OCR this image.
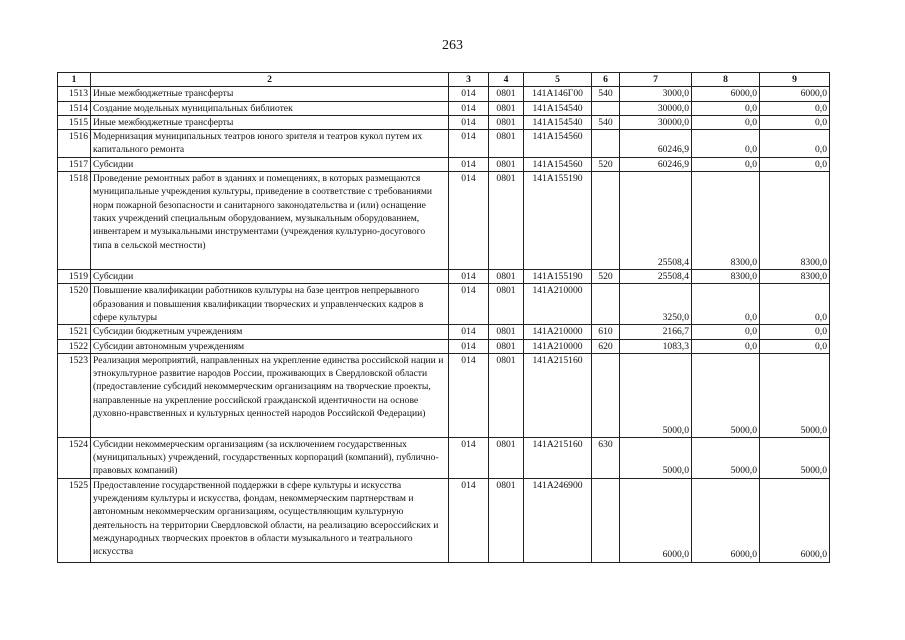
263
1	2	3	4	5	6	7	8	9
1513	Иные межбюджетные трансферты	014	0801	141A146Г00	540	3000,0	6000,0	6000,0
1514	Создание модельных муниципальных библиотек	014	0801	141A154540		30000,0	0,0	0,0
1515	Иные межбюджетные трансферты	014	0801	141A154540	540	30000,0	0,0	0,0
1516	Модернизация муниципальных театров юного зрителя и театров кукол путем их капитального ремонта	014	0801	141A154560		60246,9	0,0	0,0
1517	Субсидии	014	0801	141A154560	520	60246,9	0,0	0,0
1518	Проведение ремонтных работ в зданиях и помещениях, в которых размещаются муниципальные учреждения культуры, приведение в соответствие с требованиями норм пожарной безопасности и санитарного законодательства и (или) оснащение таких учреждений специальным оборудованием, музыкальным оборудованием, инвентарем и музыкальными инструментами (учреждения культурно-досугового типа в сельской местности)	014	0801	141A155190		25508,4	8300,0	8300,0
1519	Субсидии	014	0801	141A155190	520	25508,4	8300,0	8300,0
1520	Повышение квалификации работников культуры на базе центров непрерывного образования и повышения квалификации творческих и управленческих кадров в сфере культуры	014	0801	141A210000		3250,0	0,0	0,0
1521	Субсидии бюджетным учреждениям	014	0801	141A210000	610	2166,7	0,0	0,0
1522	Субсидии автономным учреждениям	014	0801	141A210000	620	1083,3	0,0	0,0
1523	Реализация мероприятий, направленных на укрепление единства российской нации и этнокультурное развитие народов России, проживающих в Свердловской области (предоставление субсидий некоммерческим организациям на творческие проекты, направленные на укрепление российской гражданской идентичности на основе духовно-нравственных и культурных ценностей народов Российской Федерации)	014	0801	141A215160		5000,0	5000,0	5000,0
1524	Субсидии некоммерческим организациям (за исключением государственных (муниципальных) учреждений, государственных корпораций (компаний), публично-правовых компаний)	014	0801	141A215160	630	5000,0	5000,0	5000,0
1525	Предоставление государственной поддержки в сфере культуры и искусства учреждениям культуры и искусства, фондам, некоммерческим партнерствам и автономным некоммерческим организациям, осуществляющим культурную деятельность на территории Свердловской области, на реализацию всероссийских и международных творческих проектов в области музыкального и театрального искусства	014	0801	141A246900		6000,0	6000,0	6000,0
